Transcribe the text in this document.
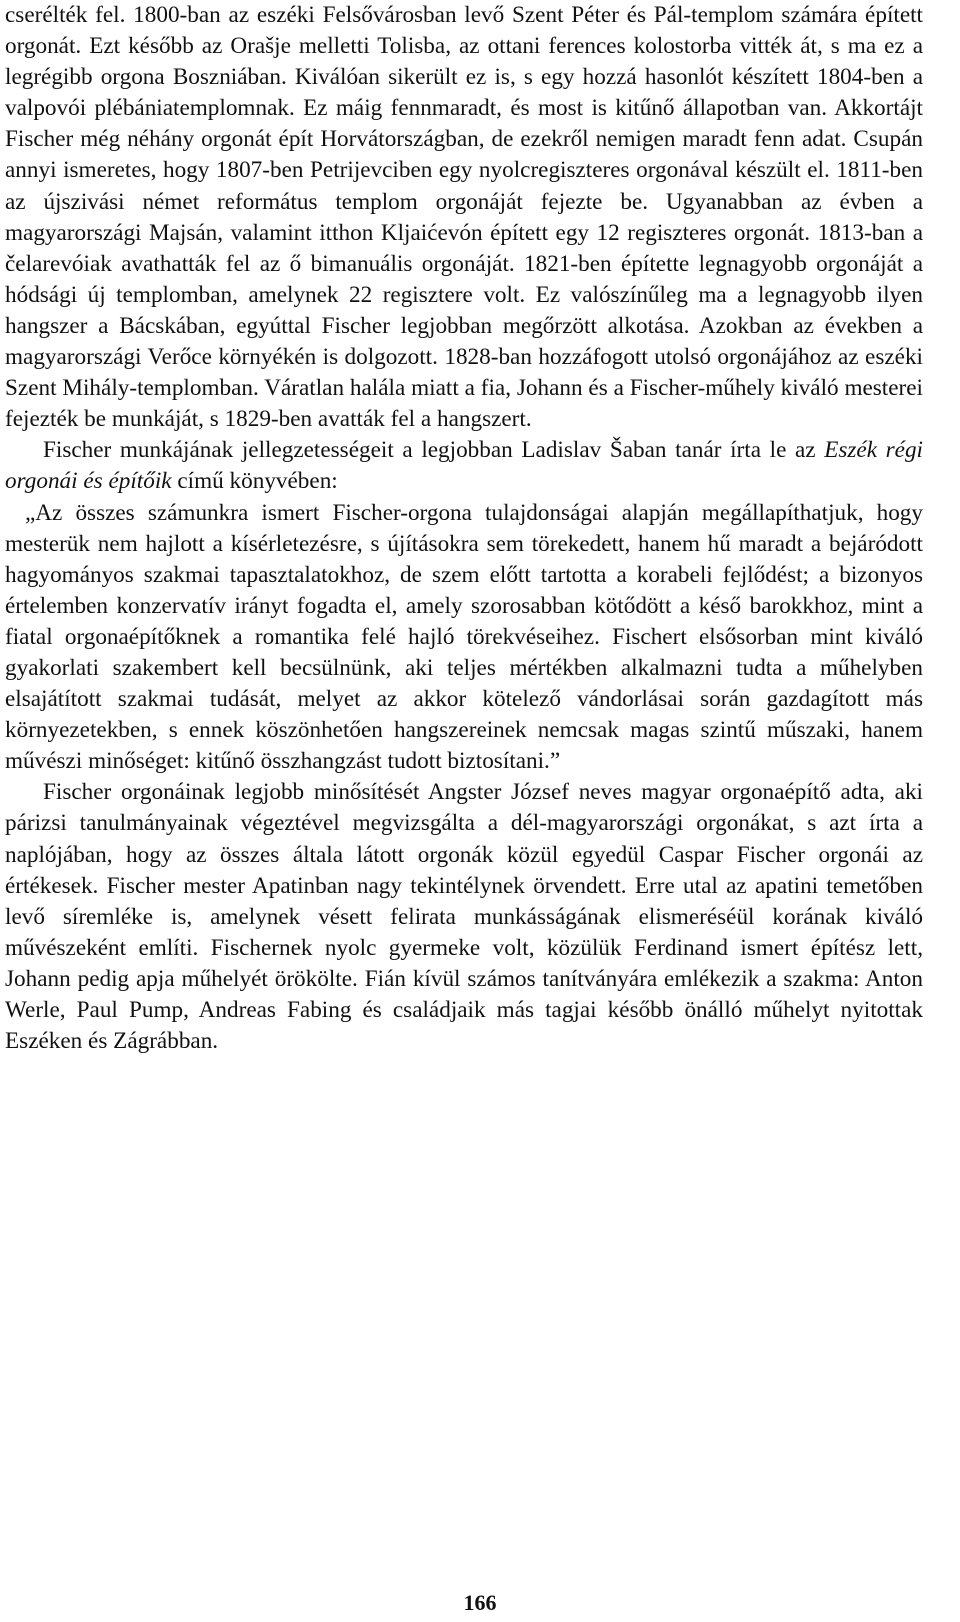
cserélték fel. 1800-ban az eszéki Felsővárosban levő Szent Péter és Pál-templom számára épített orgonát. Ezt később az Orašje melletti Tolisba, az ottani ferences kolostorba vitték át, s ma ez a legrégibb orgona Boszniában. Kiválóan sikerült ez is, s egy hozzá hasonlót készített 1804-ben a valpovói plébániatemplomnak. Ez máig fennmaradt, és most is kitűnő állapotban van. Akkortájt Fischer még néhány orgonát épít Horvátországban, de ezekről nemigen maradt fenn adat. Csupán annyi ismeretes, hogy 1807-ben Petrijevciben egy nyolcregiszteres orgonával készült el. 1811-ben az újszivási német református templom orgonáját fejezte be. Ugyanabban az évben a magyarországi Majsán, valamint itthon Kljaićevón épített egy 12 regiszteres orgonát. 1813-ban a čelarevóiak avathatták fel az ő bimanuális orgonáját. 1821-ben építette legnagyobb orgonáját a hódsági új templomban, amelynek 22 regisztere volt. Ez valószínűleg ma a legnagyobb ilyen hangszer a Bácskában, egyúttal Fischer legjobban megőrzött alkotása. Azokban az években a magyarországi Verőce környékén is dolgozott. 1828-ban hozzáfogott utolsó orgonájához az eszéki Szent Mihály-templomban. Váratlan halála miatt a fia, Johann és a Fischer-műhely kiváló mesterei fejezték be munkáját, s 1829-ben avatták fel a hangszert.

Fischer munkájának jellegzetességeit a legjobban Ladislav Šaban tanár írta le az Eszék régi orgonái és építőik című könyvében:

„Az összes számunkra ismert Fischer-orgona tulajdonságai alapján megállapíthatjuk, hogy mesterük nem hajlott a kísérletezésre, s újításokra sem törekedett, hanem hű maradt a bejáródott hagyományos szakmai tapasztalatokhoz, de szem előtt tartotta a korabeli fejlődést; a bizonyos értelemben konzervatív irányt fogadta el, amely szorosabban kötődött a késő barokkhoz, mint a fiatal orgonaépítőknek a romantika felé hajló törekvéseihez. Fischert elsősorban mint kiváló gyakorlati szakembert kell becsülnünk, aki teljes mértékben alkalmazni tudta a műhelyben elsajátított szakmai tudását, melyet az akkor kötelező vándorlásai során gazdagított más környezetekben, s ennek köszönhetően hangszereinek nemcsak magas szintű műszaki, hanem művészi minőséget: kitűnő összhangzást tudott biztosítani.”

Fischer orgonáinak legjobb minősítését Angster József neves magyar orgonaépítő adta, aki párizsi tanulmányainak végeztével megvizsgálta a dél-magyarországi orgonákat, s azt írta a naplójában, hogy az összes általa látott orgonák közül egyedül Caspar Fischer orgonái az értékesek. Fischer mester Apatinban nagy tekintélynek örvendett. Erre utal az apatini temetőben levő síremléke is, amelynek vésett felirata munkásságának elismeréséül korának kiváló művészeként említi. Fischernek nyolc gyermeke volt, közülük Ferdinand ismert építész lett, Johann pedig apja műhelyét örökölte. Fián kívül számos tanítványára emlékezik a szakma: Anton Werle, Paul Pump, Andreas Fabing és családjaik más tagjai később önálló műhelyt nyitottak Eszéken és Zágrábban.

166
